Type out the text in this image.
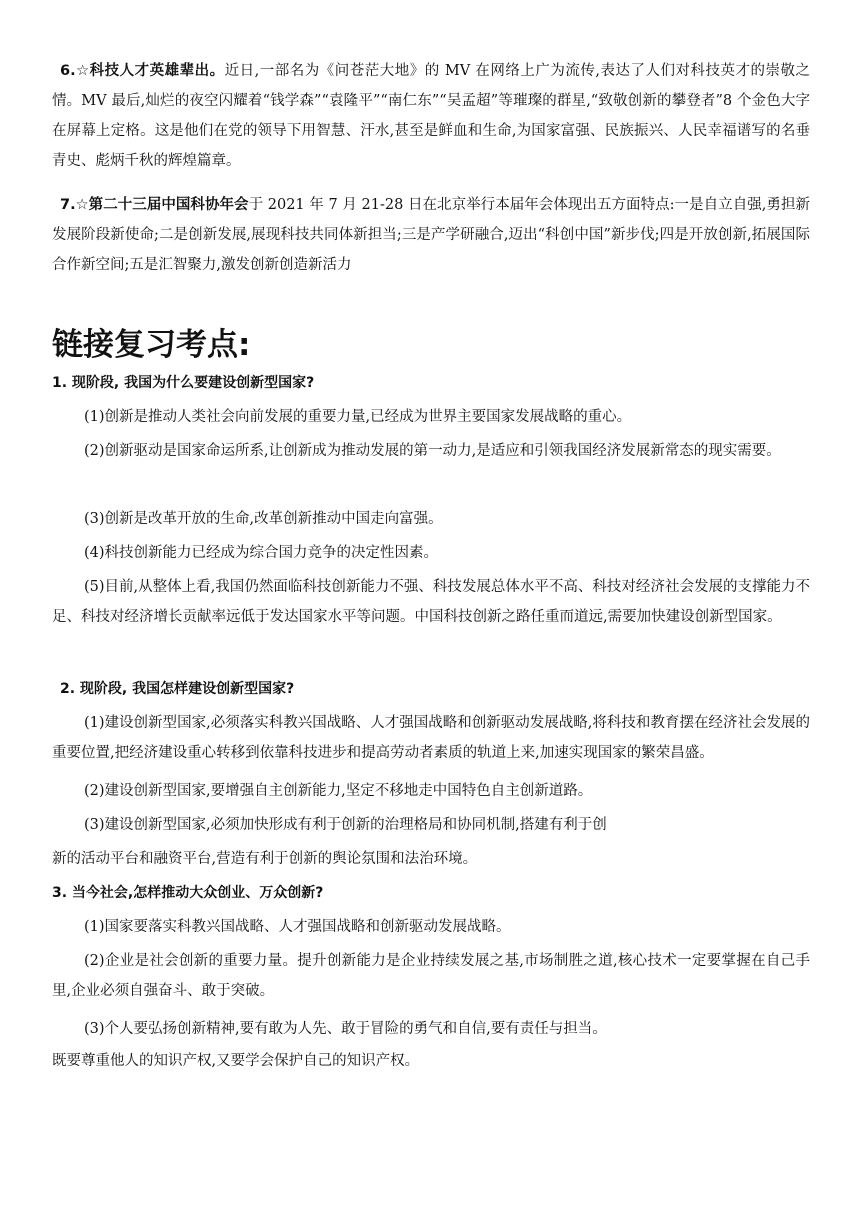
6.☆科技人才英雄辈出。近日,一部名为《问苍茫大地》的 MV 在网络上广为流传,表达了人们对科技英才的崇敬之情。MV 最后,灿烂的夜空闪耀着“钱学森”“袁隆平”“南仁东”“吴孟超”等璀璨的群星,“致敬创新的攀登者”8 个金色大字在屏幕上定格。这是他们在党的领导下用智慧、汗水,甚至是鲜血和生命,为国家富强、民族振兴、人民幸福谱写的名垂青史、彪炳千秋的辉煌篇章。

7.☆第二十三届中国科协年会于 2021 年 7 月 21-28 日在北京举行本届年会体现出五方面特点:一是自立自强,勇担新发展阶段新使命;二是创新发展,展现科技共同体新担当;三是产学研融合,迈出“科创中国”新步伐;四是开放创新,拓展国际合作新空间;五是汇智聚力,激发创新创造新活力

链接复习考点:

1. 现阶段, 我国为什么要建设创新型国家?

(1)创新是推动人类社会向前发展的重要力量,已经成为世界主要国家发展战略的重心。

(2)创新驱动是国家命运所系,让创新成为推动发展的第一动力,是适应和引领我国经济发展新常态的现实需要。

(3)创新是改革开放的生命,改革创新推动中国走向富强。

(4)科技创新能力已经成为综合国力竞争的决定性因素。

(5)目前,从整体上看,我国仍然面临科技创新能力不强、科技发展总体水平不高、科技对经济社会发展的支撑能力不足、科技对经济增长贡献率远低于发达国家水平等问题。中国科技创新之路任重而道远,需要加快建设创新型国家。

2. 现阶段, 我国怎样建设创新型国家?

(1)建设创新型国家,必须落实科教兴国战略、人才强国战略和创新驱动发展战略,将科技和教育摆在经济社会发展的重要位置,把经济建设重心转移到依靠科技进步和提高劳动者素质的轨道上来,加速实现国家的繁荣昌盛。

(2)建设创新型国家,要增强自主创新能力,坚定不移地走中国特色自主创新道路。

(3)建设创新型国家,必须加快形成有利于创新的治理格局和协同机制,搭建有利于创

新的活动平台和融资平台,营造有利于创新的舆论氛围和法治环境。

3. 当今社会,怎样推动大众创业、万众创新?

(1)国家要落实科教兴国战略、人才强国战略和创新驱动发展战略。

(2)企业是社会创新的重要力量。提升创新能力是企业持续发展之基,市场制胜之道,核心技术一定要掌握在自己手里,企业必须自强奋斗、敢于突破。

(3)个人要弘扬创新精神,要有敢为人先、敢于冒险的勇气和自信,要有责任与担当。

既要尊重他人的知识产权,又要学会保护自己的知识产权。
